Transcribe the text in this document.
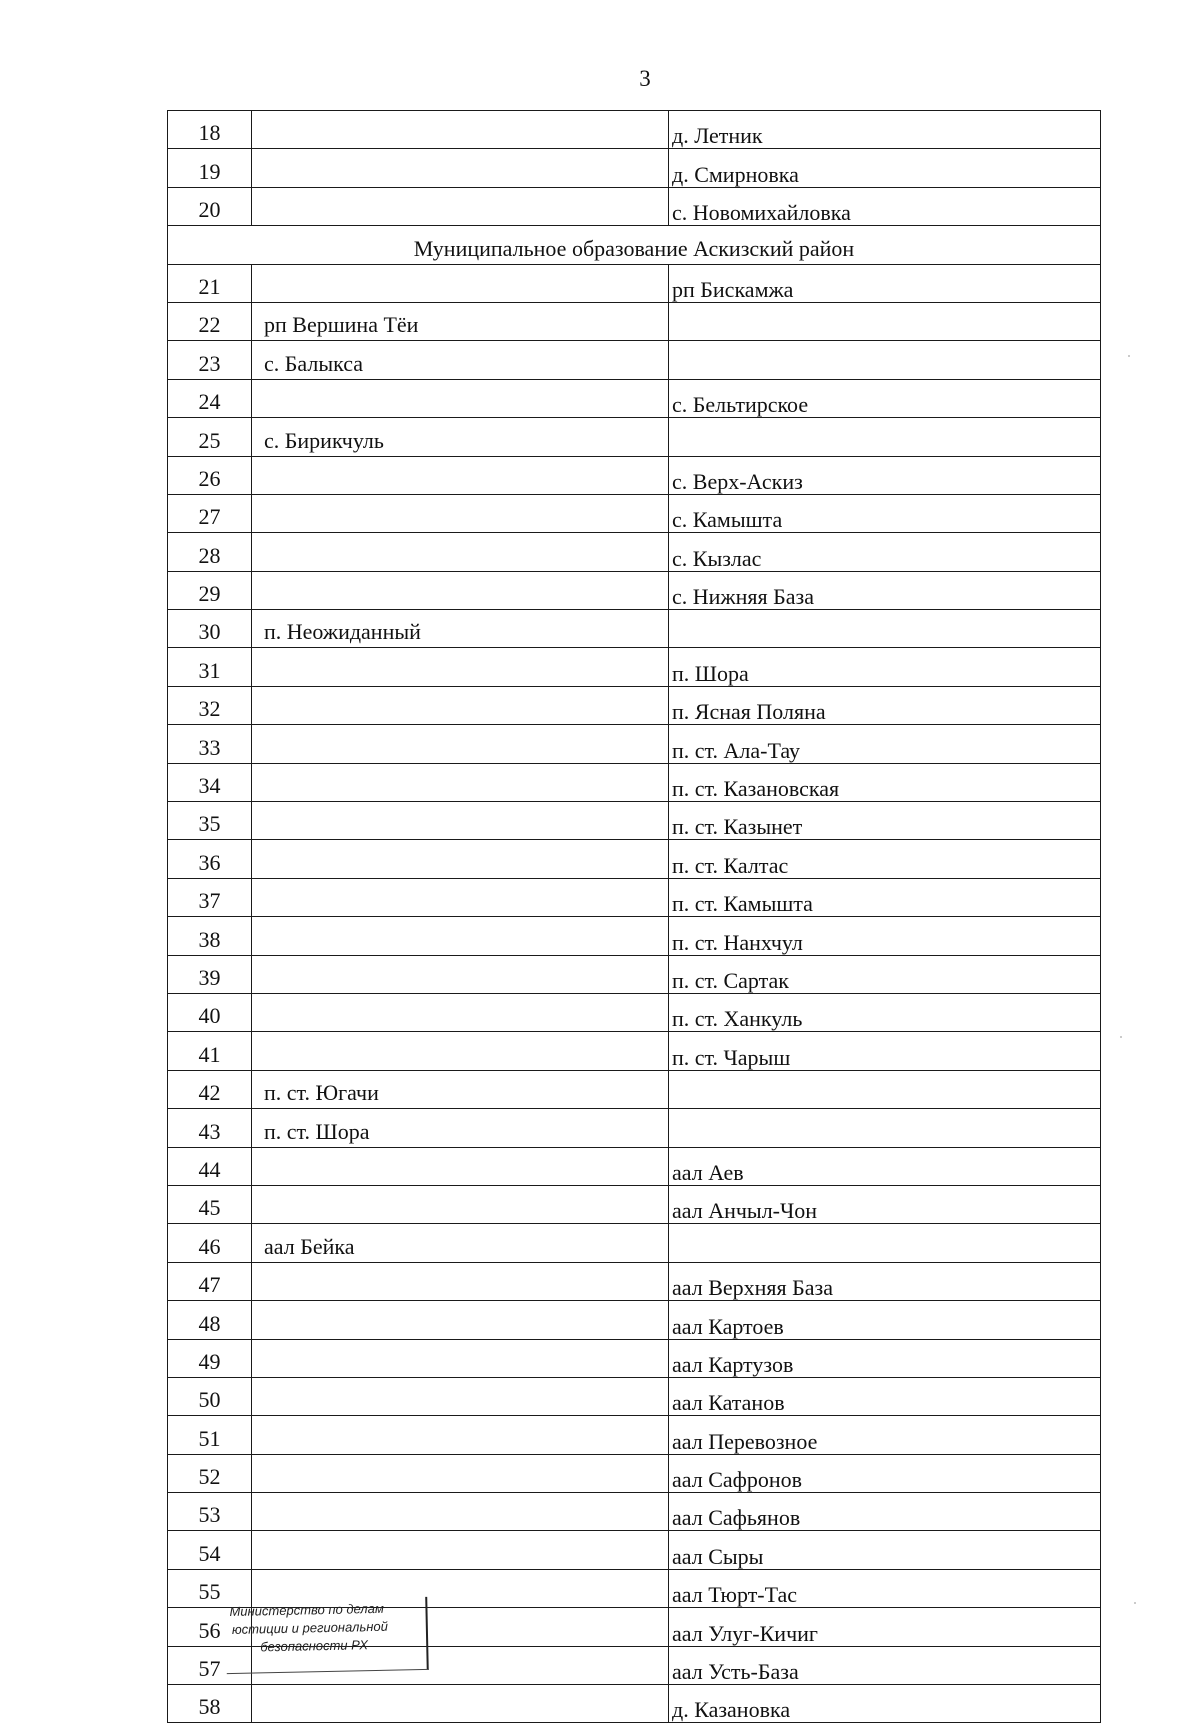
3
18		д. Летник
19		д. Смирновка
20		с. Новомихайловка
Муниципальное образование Аскизский район		
21		рп Бискамжа
22	рп Вершина Тёи	
23	с. Балыкса	
24		с. Бельтирское
25	с. Бирикчуль	
26		с. Верх-Аскиз
27		с. Камышта
28		с. Кызлас
29		с. Нижняя База
30	п. Неожиданный	
31		п. Шора
32		п. Ясная Поляна
33		п. ст. Ала-Тау
34		п. ст. Казановская
35		п. ст. Казынет
36		п. ст. Калтас
37		п. ст. Камышта
38		п. ст. Нанхчул
39		п. ст. Сартак
40		п. ст. Ханкуль
41		п. ст. Чарыш
42	п. ст. Югачи	
43	п. ст. Шора	
44		аал Аев
45		аал Анчыл-Чон
46	аал Бейка	
47		аал Верхняя База
48		аал Картоев
49		аал Картузов
50		аал Катанов
51		аал Перевозное
52		аал Сафронов
53		аал Сафьянов
54		аал Сыры
55		аал Тюрт-Тас
56		аал Улуг-Кичиг
57		аал Усть-База
58		д. Казановка
Министерство по делам
юстиции и региональной
безопасности РХ
